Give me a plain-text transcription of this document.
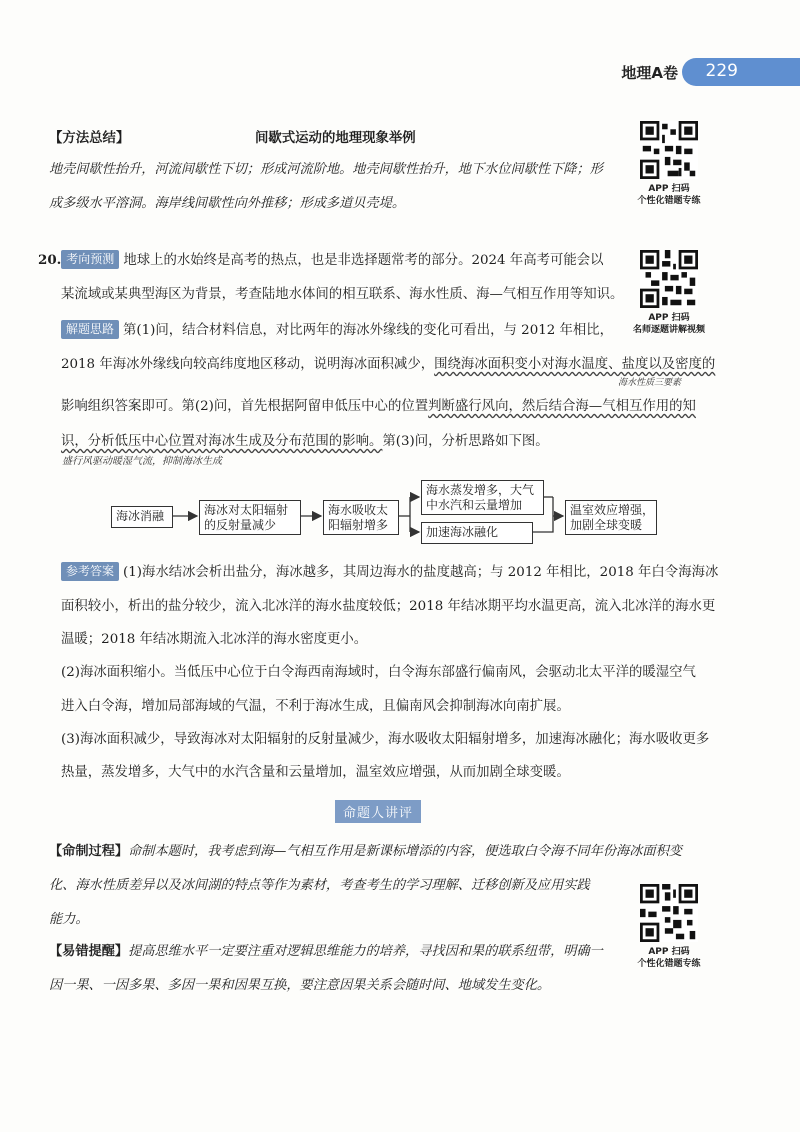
地理A卷 229
【方法总结】	间歇式运动的地理现象举例
地壳间歇性抬升，河流间歇性下切；形成河流阶地。地壳间歇性抬升，地下水位间歇性下降；形
成多级水平溶洞。海岸线间歇性向外推移；形成多道贝壳堤。
APP 扫码
个性化错题专练
20. 考向预测 地球上的水始终是高考的热点，也是非选择题常考的部分。2024 年高考可能会以
某流域或某典型海区为背景，考查陆地水体间的相互联系、海水性质、海—气相互作用等知识。
解题思路 第(1)问，结合材料信息，对比两年的海冰外缘线的变化可看出，与 2012 年相比，
2018 年海冰外缘线向较高纬度地区移动，说明海冰面积减少，围绕海冰面积变小对海水温度、盐度以及密度的
海水性质三要素
影响组织答案即可。第(2)问，首先根据阿留申低压中心的位置判断盛行风向，然后结合海—气相互作用的知
识，分析低压中心位置对海冰生成及分布范围的影响。第(3)问，分析思路如下图。
盛行风驱动暖湿气流，抑制海冰生成
APP 扫码
名师逐题讲解视频
海冰消融	海冰对太阳辐射
的反射量减少
海水吸收太
阳辐射增多
海水蒸发增多，大气
中水汽和云量增加
加速海冰融化
温室效应增强，
加剧全球变暖
参考答案 (1)海水结冰会析出盐分，海冰越多，其周边海水的盐度越高；与 2012 年相比，2018 年白令海海冰
面积较小，析出的盐分较少，流入北冰洋的海水盐度较低；2018 年结冰期平均水温更高，流入北冰洋的海水更
温暖；2018 年结冰期流入北冰洋的海水密度更小。
(2)海冰面积缩小。当低压中心位于白令海西南海域时，白令海东部盛行偏南风，会驱动北太平洋的暖湿空气
进入白令海，增加局部海域的气温，不利于海冰生成，且偏南风会抑制海冰向南扩展。
(3)海冰面积减少，导致海冰对太阳辐射的反射量减少，海水吸收太阳辐射增多，加速海冰融化；海水吸收更多
热量，蒸发增多，大气中的水汽含量和云量增加，温室效应增强，从而加剧全球变暖。
命题人讲评
【命制过程】命制本题时，我考虑到海—气相互作用是新课标增添的内容，便选取白令海不同年份海冰面积变
化、海水性质差异以及冰间湖的特点等作为素材，考查考生的学习理解、迁移创新及应用实践
能力。
【易错提醒】提高思维水平一定要注重对逻辑思维能力的培养，寻找因和果的联系纽带，明确一
因一果、一因多果、多因一果和因果互换，要注意因果关系会随时间、地域发生变化。
APP 扫码
个性化错题专练
